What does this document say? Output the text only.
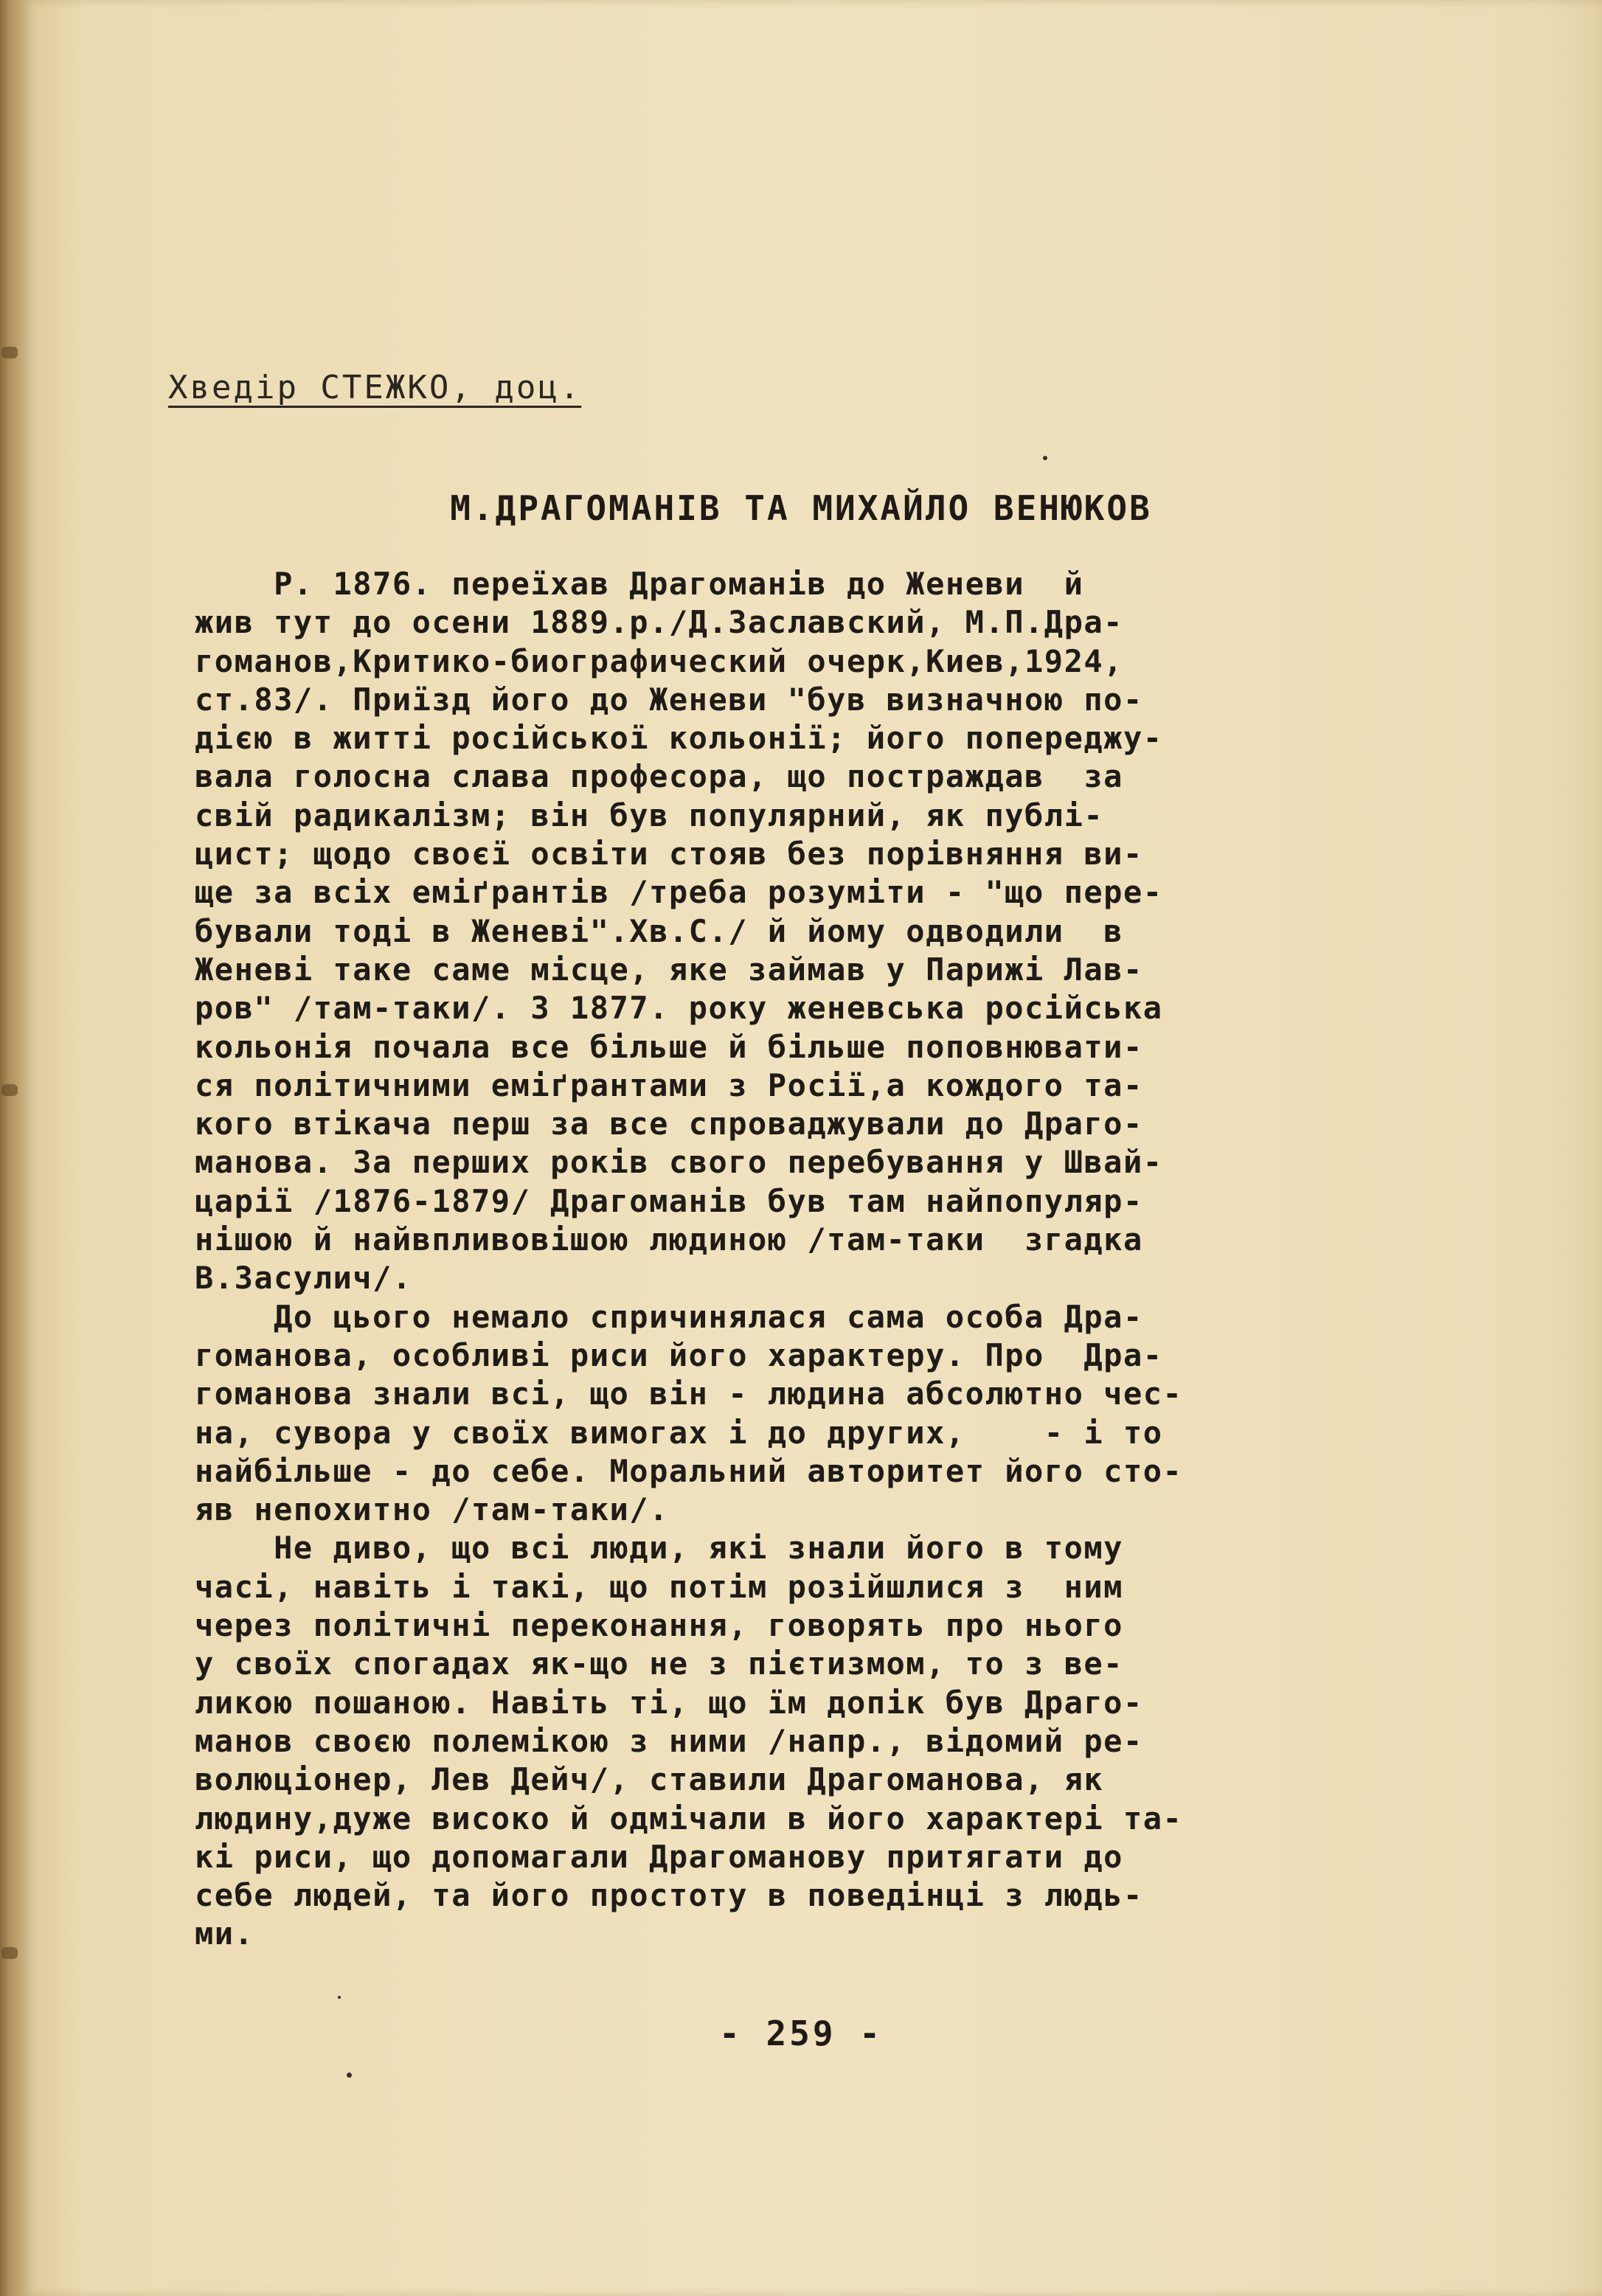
Хведір СТЕЖКО, доц.
М.ДРАГОМАНІВ ТА МИХАЙЛО ВЕНЮКОВ
Р. 1876. переїхав Драгоманів до Женеви  й
жив тут до осени 1889.р./Д.Заславский, М.П.Дра-
гоманов,Критико-биографический очерк,Киев,1924,
ст.83/. Приїзд його до Женеви "був визначною по-
дією в житті російської кольонії; його попереджу-
вала голосна слава професора, що постраждав  за
свій радикалізм; він був популярний, як публі-
цист; щодо своєї освіти стояв без порівняння ви-
ще за всіх еміґрантів /треба розуміти - "що пере-
бували тоді в Женеві".Хв.С./ й йому одводили  в
Женеві таке саме місце, яке займав у Парижі Лав-
ров" /там-таки/. З 1877. року женевська російська
кольонія почала все більше й більше поповнювати-
ся політичними еміґрантами з Росії,а кождого та-
кого втікача перш за все спроваджували до Драго-
манова. За перших років свого перебування у Швай-
царії /1876-1879/ Драгоманів був там найпопуляр-
нішою й найвпливовішою людиною /там-таки  згадка
В.Засулич/.
До цього немало спричинялася сама особа Дра-
гоманова, особливі риси його характеру. Про  Дра-
гоманова знали всі, що він - людина абсолютно чес-
на, сувора у своїх вимогах і до других,    - і то
найбільше - до себе. Моральний авторитет його сто-
яв непохитно /там-таки/.
Не диво, що всі люди, які знали його в тому
часі, навіть і такі, що потім розійшлися з  ним
через політичні переконання, говорять про нього
у своїх спогадах як-що не з пієтизмом, то з ве-
ликою пошаною. Навіть ті, що їм допік був Драго-
манов своєю полемікою з ними /напр., відомий ре-
волюціонер, Лев Дейч/, ставили Драгоманова, як
людину,дуже високо й одмічали в його характері та-
кі риси, що допомагали Драгоманову притягати до
себе людей, та його простоту в поведінці з людь-
ми.
- 259 -
